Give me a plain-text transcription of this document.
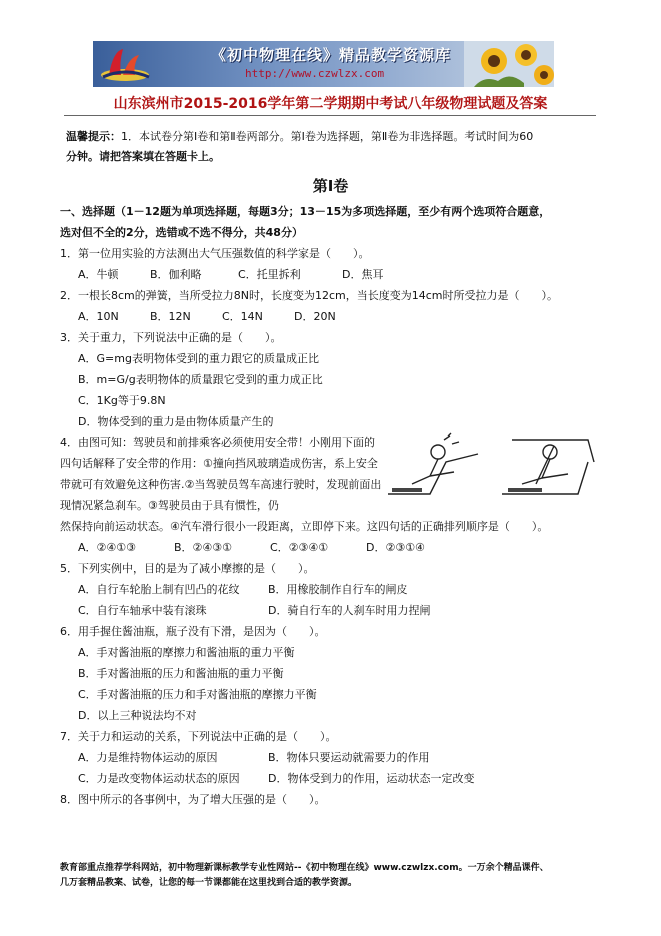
《初中物理在线》精品教学资源库
http://www.czwlzx.com
山东滨州市2015-2016学年第二学期期中考试八年级物理试题及答案
温馨提示：1．本试卷分第Ⅰ卷和第Ⅱ卷两部分。第Ⅰ卷为选择题，第Ⅱ卷为非选择题。考试时间为60
分钟。请把答案填在答题卡上。
第Ⅰ卷
一、选择题（1－12题为单项选择题，每题3分；13－15为多项选择题，至少有两个选项符合题意，
选对但不全的2分，选错或不选不得分，共48分）
1．第一位用实验的方法测出大气压强数值的科学家是（　　）。
A．牛顿	B．伽利略	C．托里拆利	D．焦耳
2．一根长8cm的弹簧，当所受拉力8N时，长度变为12cm，当长度变为14cm时所受拉力是（　　）。
A．10N	B．12N	C．14N	D．20N
3．关于重力，下列说法中正确的是（　　）。
A．G=mg表明物体受到的重力跟它的质量成正比
B．m=G/g表明物体的质量跟它受到的重力成正比
C．1Kg等于9.8N
D．物体受到的重力是由物体质量产生的
4．由图可知：驾驶员和前排乘客必须使用安全带！小刚用下面的四句话解释了安全带的作用：①撞向挡风玻璃造成伤害，系上安全带就可有效避免这种伤害.②当驾驶员驾车高速行驶时，发现前面出现情况紧急刹车。③驾驶员由于具有惯性，仍
然保持向前运动状态。④汽车滑行很小一段距离，立即停下来。这四句话的正确排列顺序是（　　）。
A．②④①③	B．②④③①	C．②③④①	D．②③①④
5．下列实例中，目的是为了减小摩擦的是（　　）。
A．自行车轮胎上制有凹凸的花纹	B．用橡胶制作自行车的闸皮
C．自行车轴承中装有滚珠	D．骑自行车的人刹车时用力捏闸
6．用手握住酱油瓶，瓶子没有下滑，是因为（　　）。
A．手对酱油瓶的摩擦力和酱油瓶的重力平衡
B．手对酱油瓶的压力和酱油瓶的重力平衡
C．手对酱油瓶的压力和手对酱油瓶的摩擦力平衡
D．以上三种说法均不对
7．关于力和运动的关系，下列说法中正确的是（　　）。
A．力是维持物体运动的原因	B．物体只要运动就需要力的作用
C．力是改变物体运动状态的原因	D．物体受到力的作用，运动状态一定改变
8．图中所示的各事例中，为了增大压强的是（　　）。
教育部重点推荐学科网站，初中物理新课标教学专业性网站--《初中物理在线》www.czwlzx.com。一万余个精品课件、
几万套精品教案、试卷，让您的每一节课都能在这里找到合适的教学资源。
